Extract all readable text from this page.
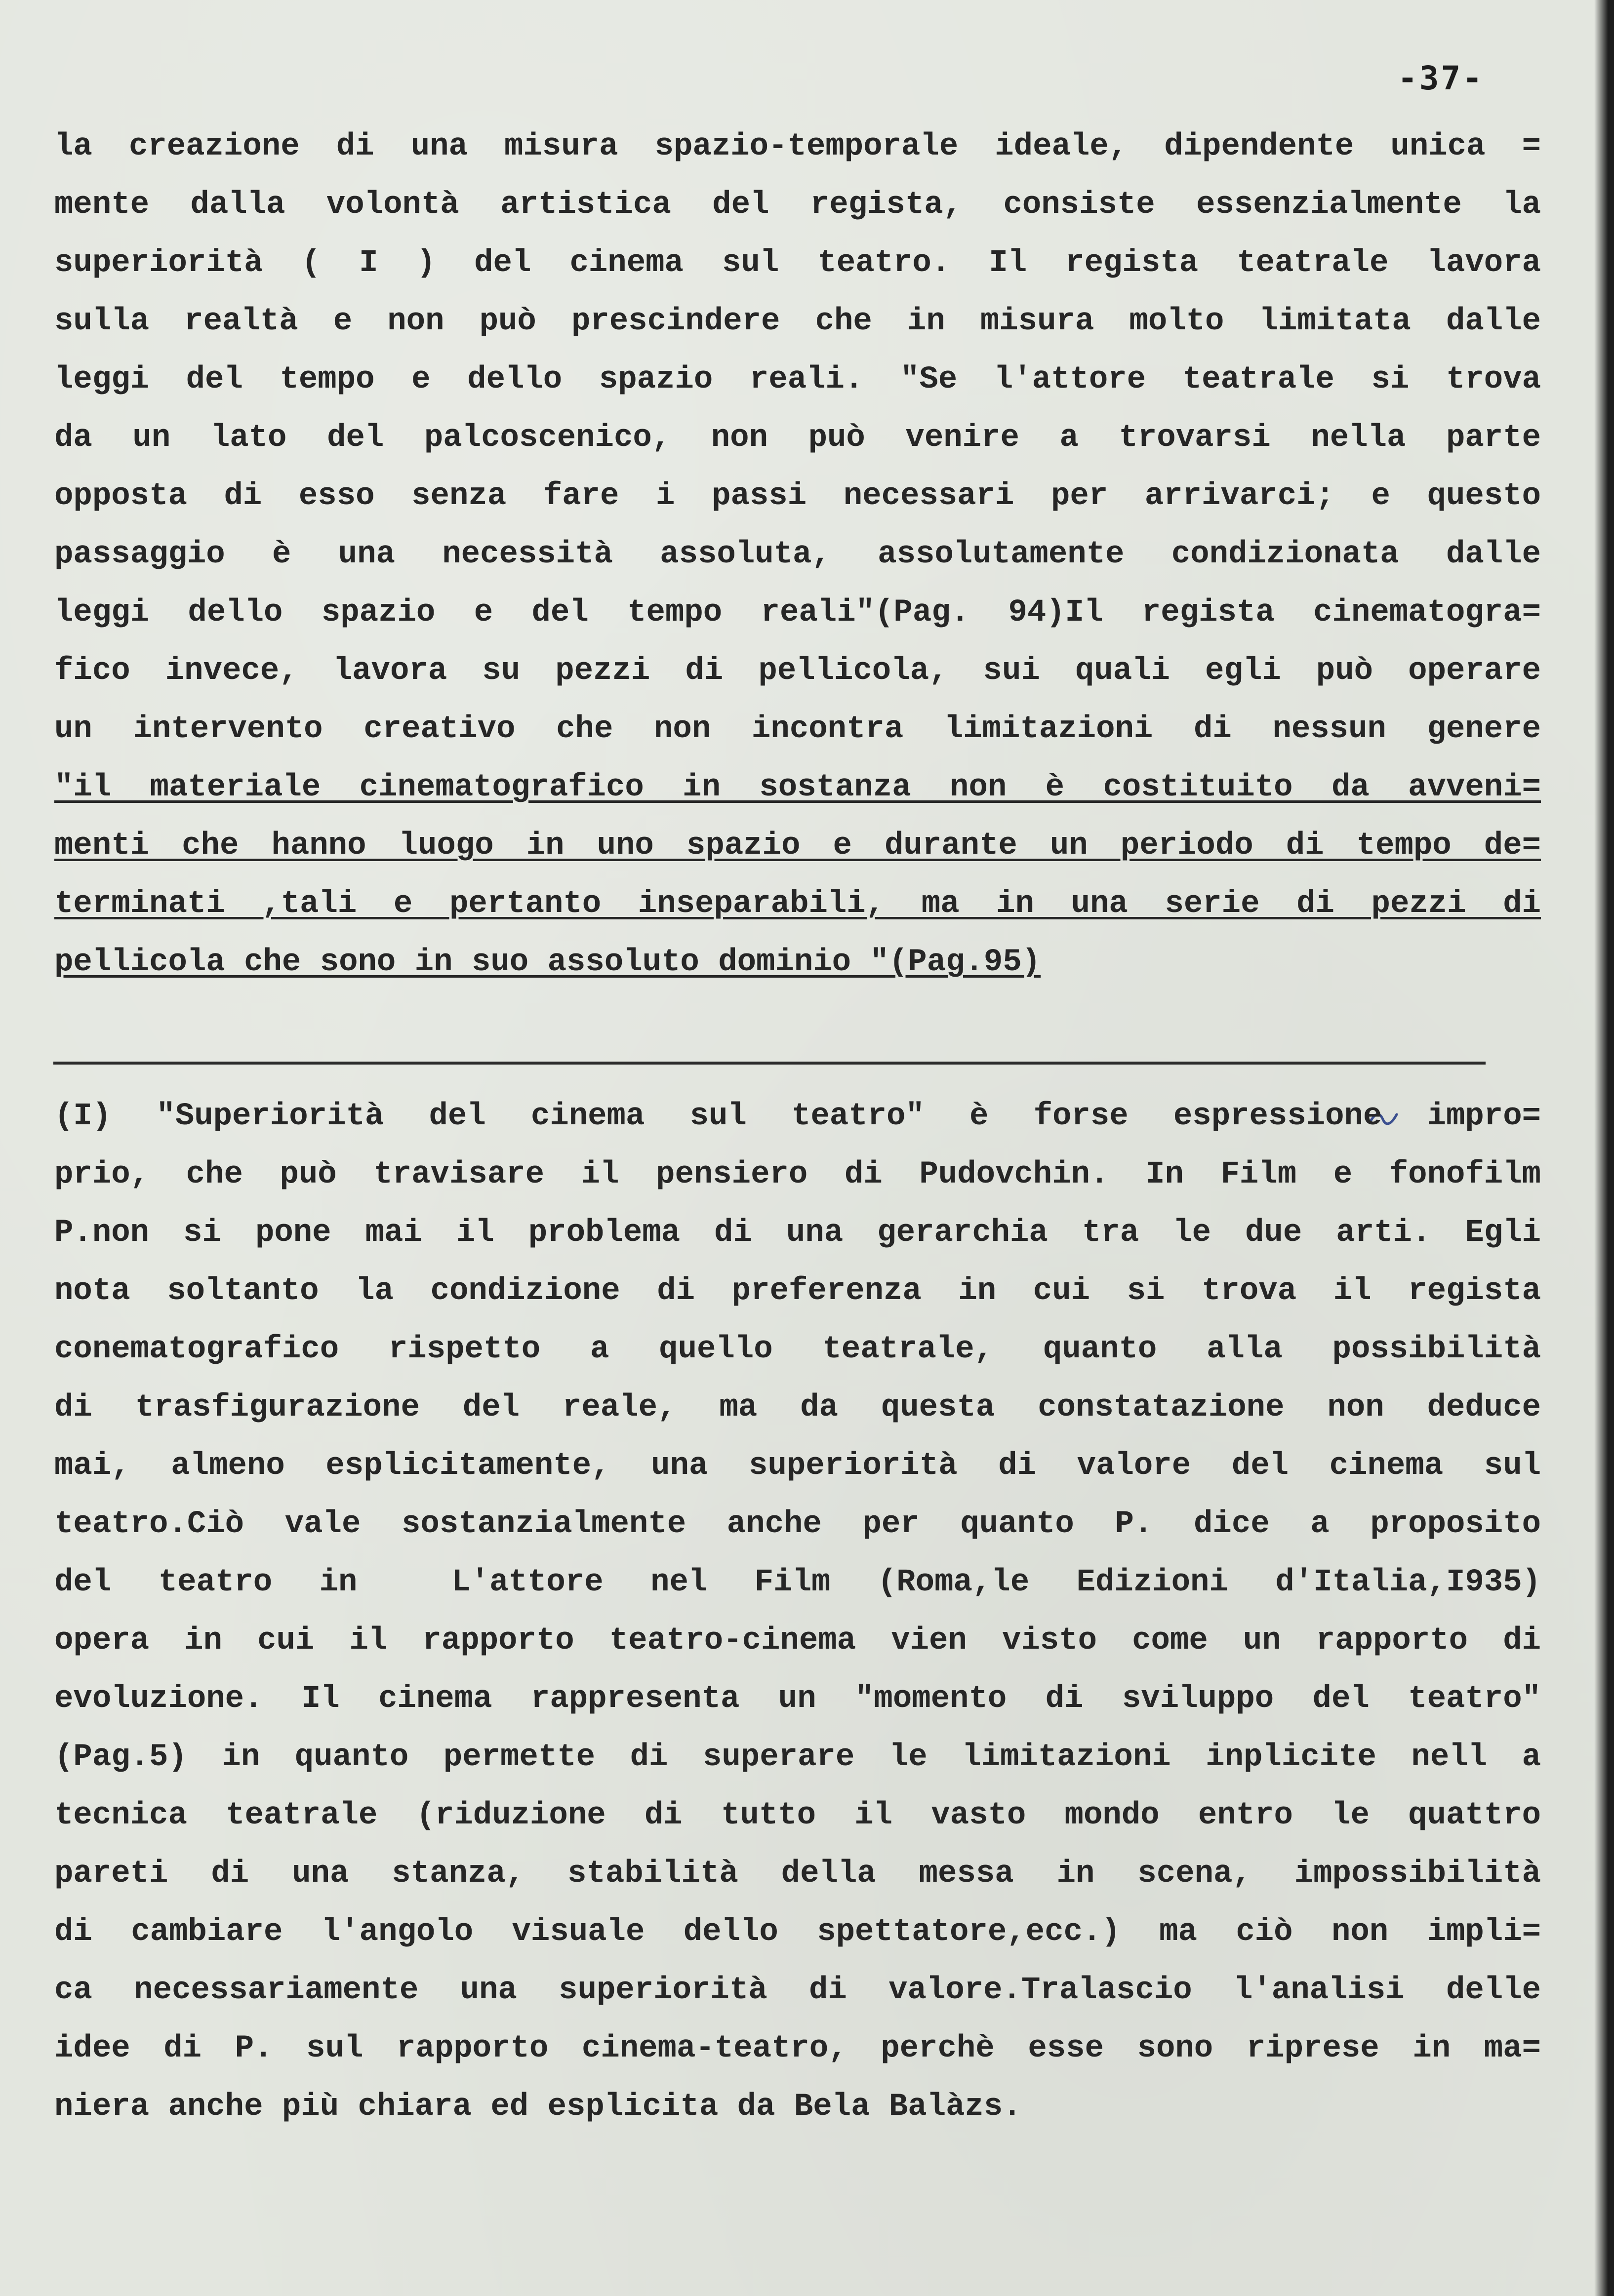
-37-
la creazione di una misura spazio-temporale ideale, dipendente unica =
mente dalla volontà artistica del regista, consiste essenzialmente la
superiorità ( I ) del cinema sul teatro. Il regista teatrale lavora
sulla realtà e non può prescindere che in misura molto limitata dalle
leggi del tempo e dello spazio reali. "Se l'attore teatrale si trova
da un lato del palcoscenico, non può venire a trovarsi nella parte
opposta di esso senza fare i passi necessari per arrivarci; e questo
passaggio è una necessità assoluta, assolutamente condizionata dalle
leggi dello spazio e del tempo reali"(Pag. 94)Il regista cinematogra=
fico invece, lavora su pezzi di pellicola, sui quali egli può operare
un intervento creativo che non incontra limitazioni di nessun genere
"il materiale cinematografico in sostanza non è costituito da avveni=
menti che hanno luogo in uno spazio e durante un periodo di tempo de=
terminati ,tali e pertanto inseparabili, ma in una serie di pezzi di
pellicola che sono in suo assoluto dominio "(Pag.95)
(I) "Superiorità del cinema sul teatro" è forse espressione impro=
prio, che può travisare il pensiero di Pudovchin. In Film e fonofilm
P.non si pone mai il problema di una gerarchia tra le due arti. Egli
nota soltanto la condizione di preferenza in cui si trova il regista
conematografico rispetto a quello teatrale, quanto alla possibilità
di trasfigurazione del reale, ma da questa constatazione non deduce
mai, almeno esplicitamente, una superiorità di valore del cinema sul
teatro.Ciò vale sostanzialmente anche per quanto P. dice a proposito
del teatro in  L'attore nel Film (Roma,le Edizioni d'Italia,I935)
opera in cui il rapporto teatro-cinema vien visto come un rapporto di
evoluzione. Il cinema rappresenta un "momento di sviluppo del teatro"
(Pag.5) in quanto permette di superare le limitazioni inplicite nell a
tecnica teatrale (riduzione di tutto il vasto mondo entro le quattro
pareti di una stanza, stabilità della messa in scena, impossibilità
di cambiare l'angolo visuale dello spettatore,ecc.) ma ciò non impli=
ca necessariamente una superiorità di valore.Tralascio l'analisi delle
idee di P. sul rapporto cinema-teatro, perchè esse sono riprese in ma=
niera anche più chiara ed esplicita da Bela Balàzs.
